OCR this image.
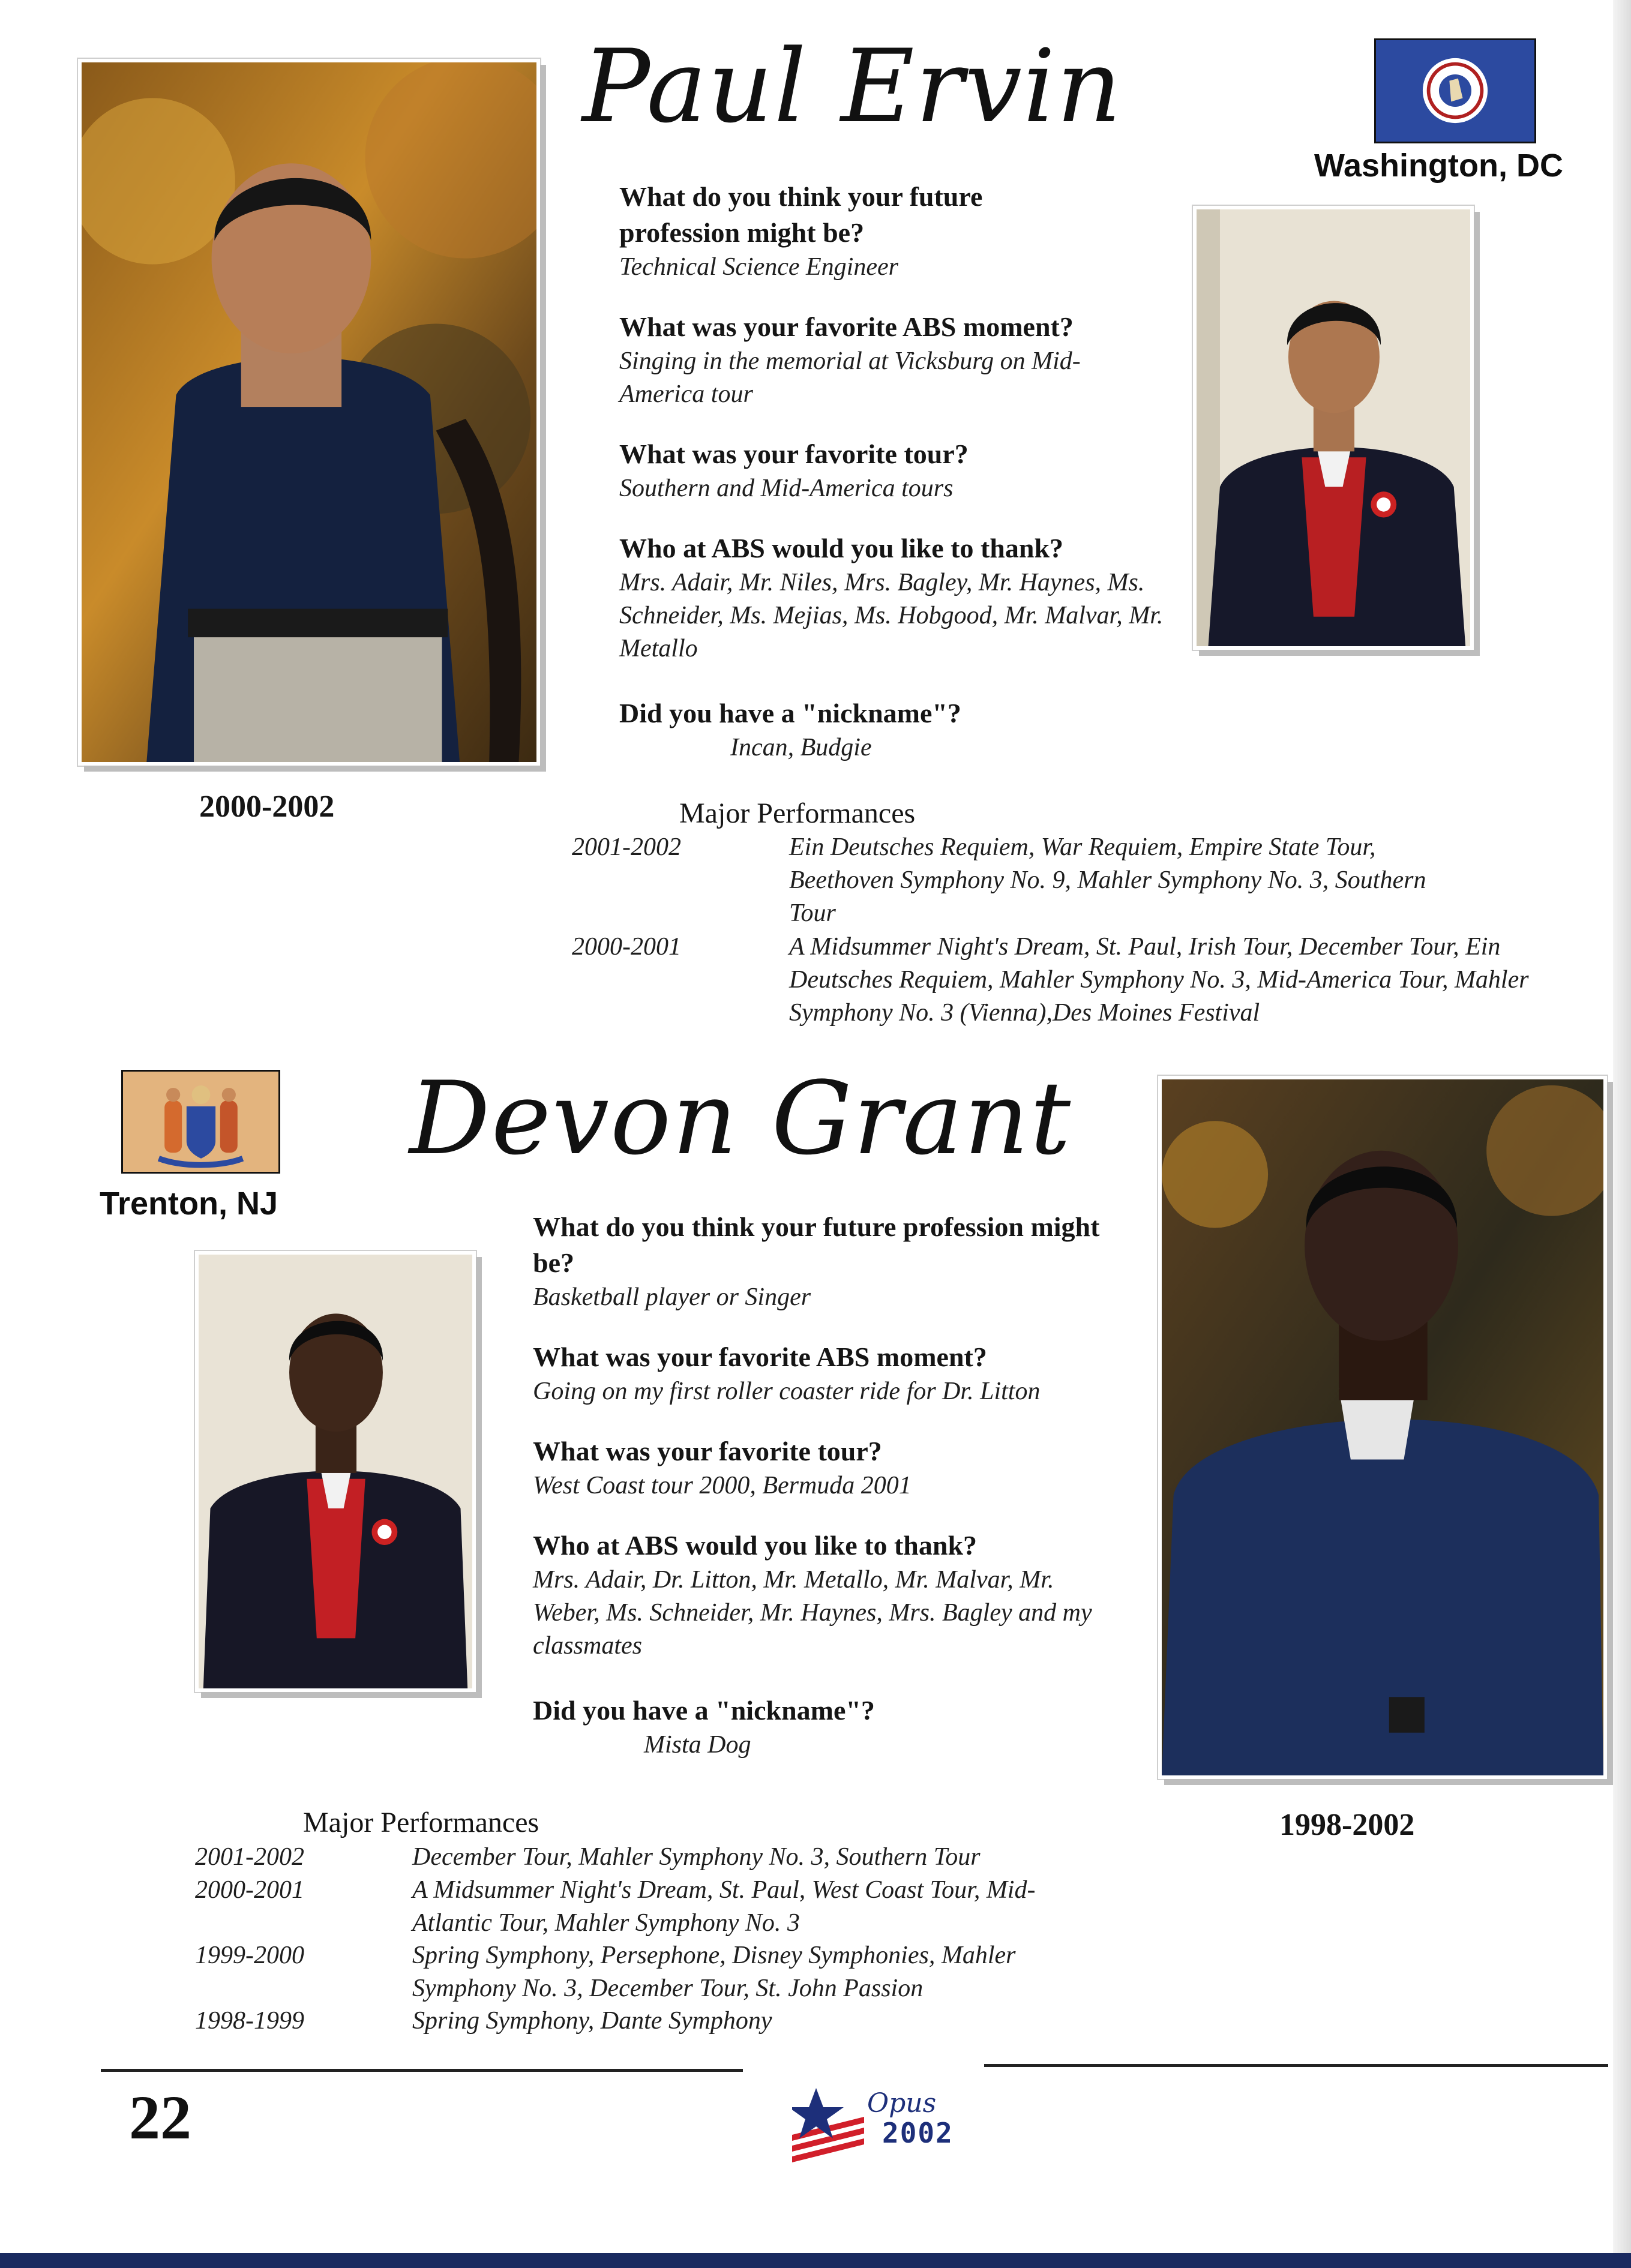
Paul Ervin
Washington, DC
What do you think your future profession might be?
Technical Science Engineer
What was your favorite ABS moment?
Singing in the memorial at Vicksburg on Mid-America tour
What was your favorite tour?
Southern and Mid-America tours
Who at ABS would you like to thank?
Mrs. Adair, Mr. Niles, Mrs. Bagley, Mr. Haynes, Ms. Schneider, Ms. Mejias, Ms. Hobgood, Mr. Malvar, Mr. Metallo
Did you have a "nickname"?
Incan, Budgie
2000-2002	Major Performances
2001-2002	Ein Deutsches Requiem, War Requiem, Empire State Tour, Beethoven Symphony No. 9, Mahler Symphony No. 3, Southern Tour
2000-2001	A Midsummer Night's Dream, St. Paul, Irish Tour, December Tour, Ein Deutsches Requiem, Mahler Symphony No. 3, Mid-America Tour, Mahler Symphony No. 3 (Vienna),Des Moines Festival
Trenton, NJ
Devon Grant
What do you think your future profession might be?
Basketball player or Singer
What was your favorite ABS moment?
Going on my first roller coaster ride for Dr. Litton
What was your favorite tour?
West Coast tour 2000, Bermuda 2001
Who at ABS would you like to thank?
Mrs. Adair, Dr. Litton, Mr. Metallo, Mr. Malvar, Mr. Weber, Ms. Schneider, Mr. Haynes, Mrs. Bagley and my classmates
Did you have a "nickname"?
Mista Dog
1998-2002
Major Performances
2001-2002	December Tour, Mahler Symphony No. 3, Southern Tour
2000-2001	A Midsummer Night's Dream, St. Paul, West Coast Tour, Mid-Atlantic Tour, Mahler Symphony No. 3
1999-2000	Spring Symphony, Persephone, Disney Symphonies, Mahler Symphony No. 3, December Tour, St. John Passion
1998-1999	Spring Symphony, Dante Symphony
22	Opus
2002
